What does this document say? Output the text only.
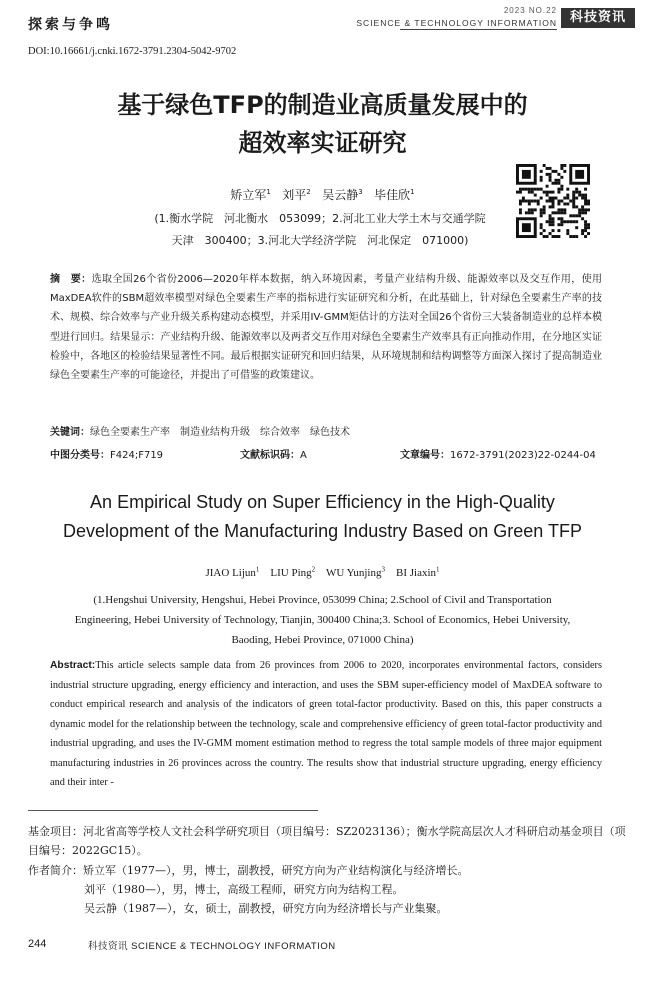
探索与争鸣
2023 NO.22
SCIENCE & TECHNOLOGY INFORMATION 科技资讯
DOI:10.16661/j.cnki.1672-3791.2304-5042-9702
基于绿色TFP的制造业高质量发展中的
超效率实证研究
矫立军$^1$ 刘平$^2$ 吴云静$^3$ 毕佳欣$^1$
(1.衡水学院　河北衡水　053099；2.河北工业大学土木与交通学院
天津　300400；3.河北大学经济学院　河北保定　071000)
摘　要：选取全国26个省份2006—2020年样本数据，纳入环境因素，考量产业结构升级、能源效率以及交互作用，使用MaxDEA软件的SBM超效率模型对绿色全要素生产率的指标进行实证研究和分析，在此基础上，针对绿色全要素生产率的技术、规模、综合效率与产业升级关系构建动态模型，并采用IV-GMM矩估计的方法对全国26个省份三大装备制造业的总样本模型进行回归。结果显示：产业结构升级、能源效率以及两者交互作用对绿色全要素生产效率具有正向推动作用，在分地区实证检验中，各地区的检验结果显著性不同。最后根据实证研究和回归结果，从环境规制和结构调整等方面深入探讨了提高制造业绿色全要素生产率的可能途径，并提出了可借鉴的政策建议。
关键词：绿色全要素生产率　制造业结构升级　综合效率　绿色技术
中图分类号：F424;F719	文献标识码：A	文章编号：1672-3791(2023)22-0244-04
An Empirical Study on Super Efficiency in the High-Quality
Development of the Manufacturing Industry Based on Green TFP
JIAO Lijun$^1$ LIU Ping$^2$ WU Yunjing$^3$ BI Jiaxin$^1$
(1.Hengshui University, Hengshui, Hebei Province, 053099 China; 2.School of Civil and Transportation
Engineering, Hebei University of Technology, Tianjin, 300400 China;3. School of Economics, Hebei University,
Baoding, Hebei Province, 071000 China)
Abstract:This article selects sample data from 26 provinces from 2006 to 2020, incorporates environmental factors, considers industrial structure upgrading, energy efficiency and interaction, and uses the SBM super-efficiency model of MaxDEA software to conduct empirical research and analysis of the indicators of green total-factor productivity. Based on this, this paper constructs a dynamic model for the relationship between the technology, scale and comprehensive efficiency of green total-factor productivity and industrial upgrading, and uses the IV-GMM moment estimation method to regress the total sample models of three major equipment manufacturing industries in 26 provinces across the country. The results show that industrial structure upgrading, energy efficiency and their inter -
基金项目：河北省高等学校人文社会科学研究项目（项目编号：SZ2023136）；衡水学院高层次人才科研启动基金项目（项目编号：2022GC15）。
作者简介：矫立军（1977—），男，博士，副教授，研究方向为产业结构演化与经济增长。
刘平（1980—），男，博士，高级工程师，研究方向为结构工程。
吴云静（1987—），女，硕士，副教授，研究方向为经济增长与产业集聚。
244	科技资讯 SCIENCE & TECHNOLOGY INFORMATION
